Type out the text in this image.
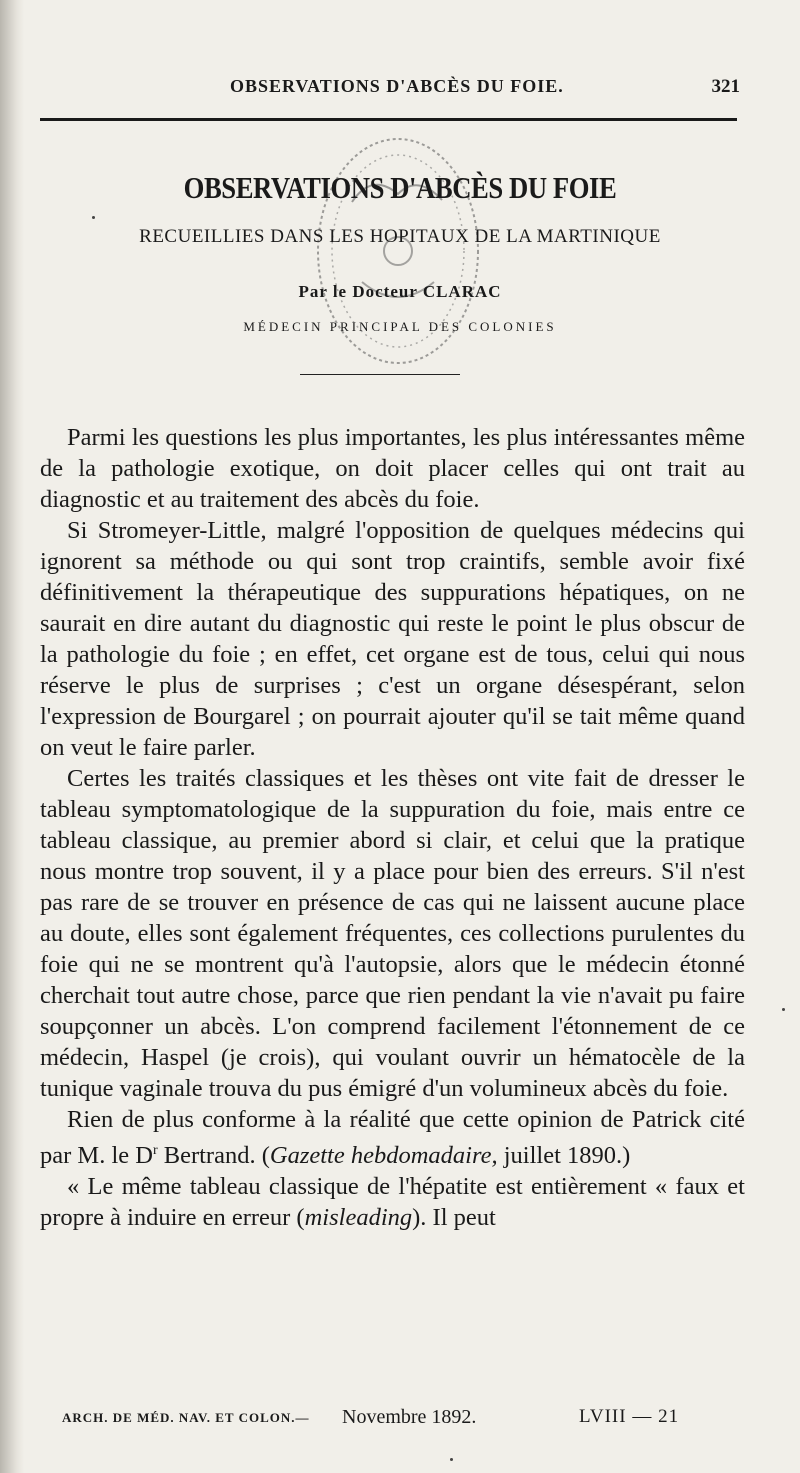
OBSERVATIONS D'ABCÈS DU FOIE.	321
OBSERVATIONS D'ABCÈS DU FOIE
RECUEILLIES DANS LES HOPITAUX DE LA MARTINIQUE
Par le Docteur CLARAC
MÉDECIN PRINCIPAL DES COLONIES

Parmi les questions les plus importantes, les plus intéressantes même de la pathologie exotique, on doit placer celles qui ont trait au diagnostic et au traitement des abcès du foie.

Si Stromeyer-Little, malgré l'opposition de quelques médecins qui ignorent sa méthode ou qui sont trop craintifs, semble avoir fixé définitivement la thérapeutique des suppurations hépatiques, on ne saurait en dire autant du diagnostic qui reste le point le plus obscur de la pathologie du foie ; en effet, cet organe est de tous, celui qui nous réserve le plus de surprises ; c'est un organe désespérant, selon l'expression de Bourgarel ; on pourrait ajouter qu'il se tait même quand on veut le faire parler.

Certes les traités classiques et les thèses ont vite fait de dresser le tableau symptomatologique de la suppuration du foie, mais entre ce tableau classique, au premier abord si clair, et celui que la pratique nous montre trop souvent, il y a place pour bien des erreurs. S'il n'est pas rare de se trouver en présence de cas qui ne laissent aucune place au doute, elles sont également fréquentes, ces collections purulentes du foie qui ne se montrent qu'à l'autopsie, alors que le médecin étonné cherchait tout autre chose, parce que rien pendant la vie n'avait pu faire soupçonner un abcès. L'on comprend facilement l'étonnement de ce médecin, Haspel (je crois), qui voulant ouvrir un hématocèle de la tunique vaginale trouva du pus émigré d'un volumineux abcès du foie.

Rien de plus conforme à la réalité que cette opinion de Patrick cité par M. le $D^r$ Bertrand. (Gazette hebdomadaire, juillet 1890.)

« Le même tableau classique de l'hépatite est entièrement « faux et propre à induire en erreur (misleading). Il peut

ARCH. DE MÉD. NAV. ET COLON.— Novembre 1892.	LVIII — 21
